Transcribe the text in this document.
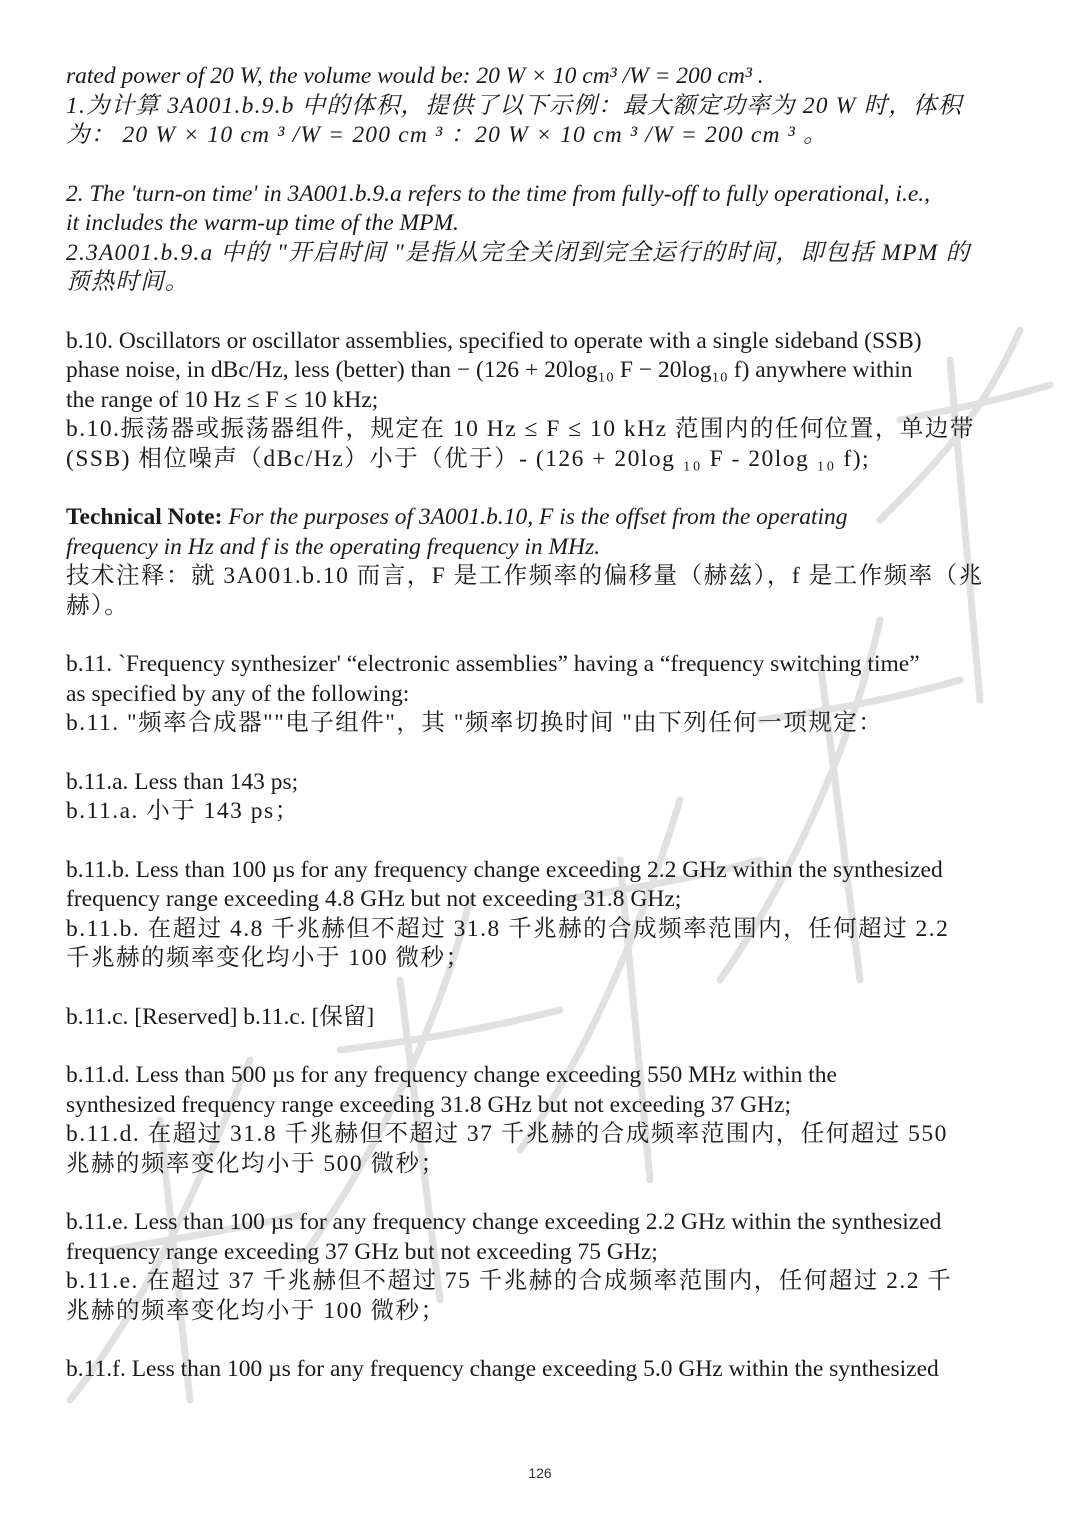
rated power of 20 W, the volume would be: 20 W × 10 cm³ /W = 200 cm³ .
1.为计算 3A001.b.9.b 中的体积，提供了以下示例：最大额定功率为 20 W 时，体积
为： 20 W × 10 cm ³ /W = 200 cm ³ ：20 W × 10 cm ³ /W = 200 cm ³ 。
2. The 'turn-on time' in 3A001.b.9.a refers to the time from fully-off to fully operational, i.e.,
it includes the warm-up time of the MPM.
2.3A001.b.9.a 中的 "开启时间 "是指从完全关闭到完全运行的时间，即包括 MPM 的
预热时间。
b.10. Oscillators or oscillator assemblies, specified to operate with a single sideband (SSB)
phase noise, in dBc/Hz, less (better) than − (126 + 20log₁₀ F − 20log₁₀ f) anywhere within
the range of 10 Hz ≤ F ≤ 10 kHz;
b.10.振荡器或振荡器组件，规定在 10 Hz ≤ F ≤ 10 kHz 范围内的任何位置，单边带
(SSB) 相位噪声（dBc/Hz）小于（优于）- (126 + 20log ₁₀ F - 20log ₁₀ f);
Technical Note: For the purposes of 3A001.b.10, F is the offset from the operating
frequency in Hz and f is the operating frequency in MHz.
技术注释：就 3A001.b.10 而言，F 是工作频率的偏移量（赫兹），f 是工作频率（兆
赫）。
b.11. `Frequency synthesizer' “electronic assemblies” having a “frequency switching time”
as specified by any of the following:
b.11. "频率合成器""电子组件"，其 "频率切换时间 "由下列任何一项规定：
b.11.a. Less than 143 ps;
b.11.a. 小于 143 ps；
b.11.b. Less than 100 µs for any frequency change exceeding 2.2 GHz within the synthesized
frequency range exceeding 4.8 GHz but not exceeding 31.8 GHz;
b.11.b. 在超过 4.8 千兆赫但不超过 31.8 千兆赫的合成频率范围内，任何超过 2.2
千兆赫的频率变化均小于 100 微秒；
b.11.c. [Reserved] b.11.c. [保留]
b.11.d. Less than 500 µs for any frequency change exceeding 550 MHz within the
synthesized frequency range exceeding 31.8 GHz but not exceeding 37 GHz;
b.11.d. 在超过 31.8 千兆赫但不超过 37 千兆赫的合成频率范围内，任何超过 550
兆赫的频率变化均小于 500 微秒；
b.11.e. Less than 100 µs for any frequency change exceeding 2.2 GHz within the synthesized
frequency range exceeding 37 GHz but not exceeding 75 GHz;
b.11.e. 在超过 37 千兆赫但不超过 75 千兆赫的合成频率范围内，任何超过 2.2 千
兆赫的频率变化均小于 100 微秒；
b.11.f. Less than 100 µs for any frequency change exceeding 5.0 GHz within the synthesized
126
